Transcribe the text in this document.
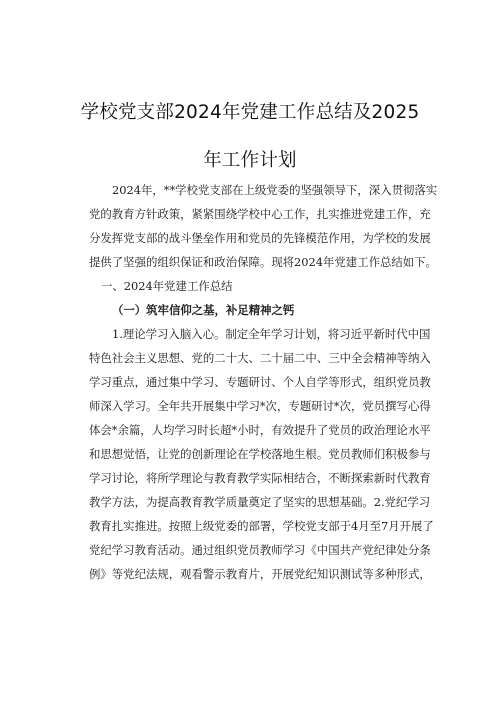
学校党支部2024年党建工作总结及2025
年工作计划
2024年，**学校党支部在上级党委的坚强领导下，深入贯彻落实
党的教育方针政策，紧紧围绕学校中心工作，扎实推进党建工作，充
分发挥党支部的战斗堡垒作用和党员的先锋模范作用，为学校的发展
提供了坚强的组织保证和政治保障。现将2024年党建工作总结如下。
一、2024年党建工作总结
（一）筑牢信仰之基，补足精神之钙
1.理论学习入脑入心。制定全年学习计划，将习近平新时代中国
特色社会主义思想、党的二十大、二十届二中、三中全会精神等纳入
学习重点，通过集中学习、专题研讨、个人自学等形式，组织党员教
师深入学习。全年共开展集中学习*次，专题研讨*次，党员撰写心得
体会*余篇，人均学习时长超*小时，有效提升了党员的政治理论水平
和思想觉悟，让党的创新理论在学校落地生根。党员教师们积极参与
学习讨论，将所学理论与教育教学实际相结合，不断探索新时代教育
教学方法，为提高教育教学质量奠定了坚实的思想基础。2.党纪学习
教育扎实推进。按照上级党委的部署，学校党支部于4月至7月开展了
党纪学习教育活动。通过组织党员教师学习《中国共产党纪律处分条
例》等党纪法规，观看警示教育片，开展党纪知识测试等多种形式，
